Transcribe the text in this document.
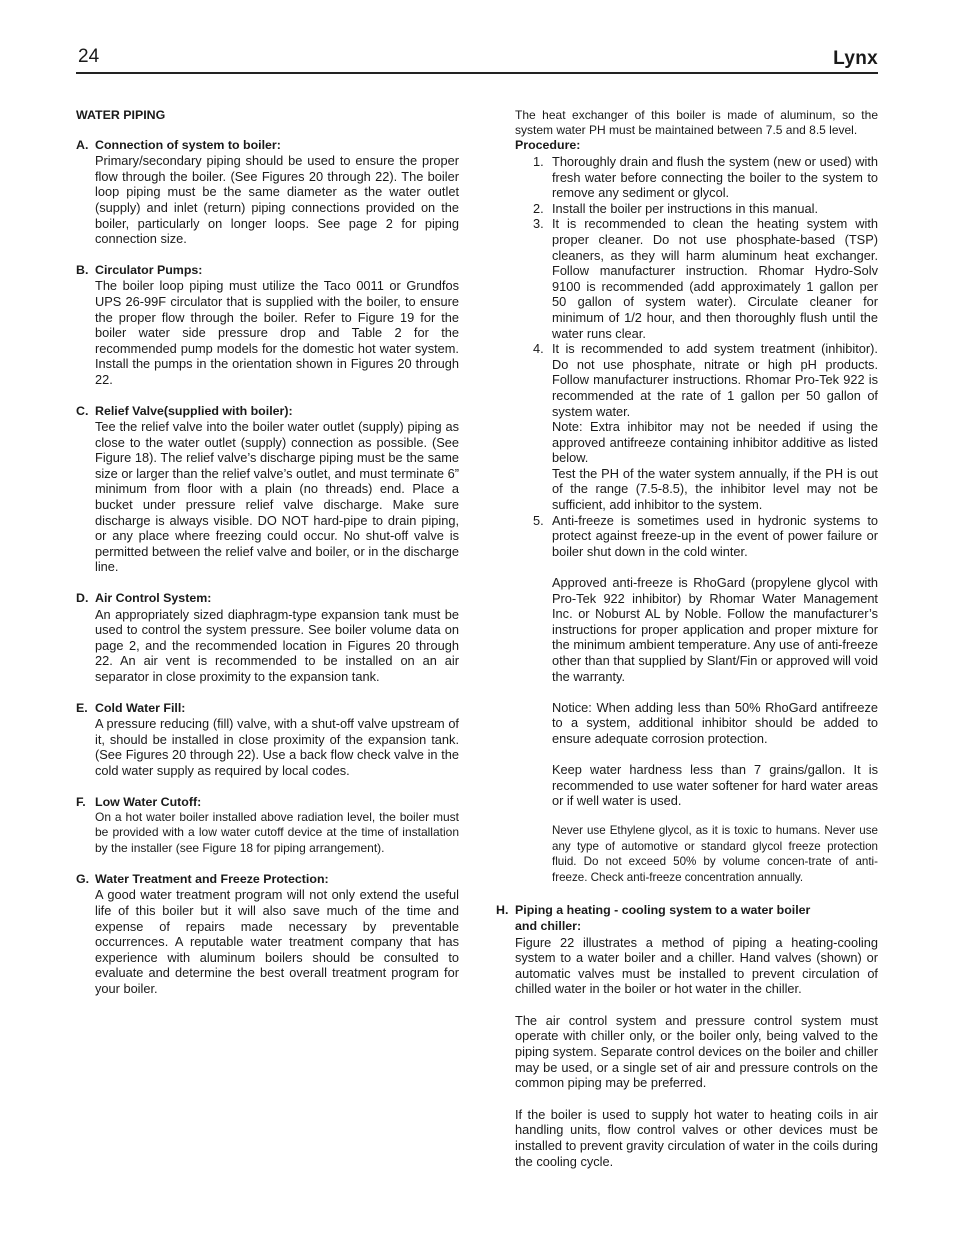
24	Lynx
WATER PIPING
A. Connection of system to boiler:

Primary/secondary piping should be used to ensure the proper flow through the boiler. (See Figures 20 through 22). The boiler loop piping must be the same diameter as the water outlet (supply) and inlet (return) piping connections provided on the boiler, particularly on longer loops. See page 2 for piping connection size.

B. Circulator Pumps:

The boiler loop piping must utilize the Taco 0011 or Grundfos UPS 26-99F circulator that is supplied with the boiler, to ensure the proper flow through the boiler. Refer to Figure 19 for the boiler water side pressure drop and Table 2 for the recommended pump models for the domestic hot water system. Install the pumps in the orientation shown in Figures 20 through 22.

C. Relief Valve(supplied with boiler):

Tee the relief valve into the boiler water outlet (supply) piping as close to the water outlet (supply) connection as possible. (See Figure 18). The relief valve’s discharge piping must be the same size or larger than the relief valve’s outlet, and must terminate 6” minimum from floor with a plain (no threads) end. Place a bucket under pressure relief valve discharge. Make sure discharge is always visible. DO NOT hard-pipe to drain piping, or any place where freezing could occur. No shut-off valve is permitted between the relief valve and boiler, or in the discharge line.

D. Air Control System:

An appropriately sized diaphragm-type expansion tank must be used to control the system pressure. See boiler volume data on page 2, and the recommended location in Figures 20 through 22. An air vent is recommended to be installed on an air separator in close proximity to the expansion tank.

E. Cold Water Fill:

A pressure reducing (fill) valve, with a shut-off valve upstream of it, should be installed in close proximity of the expansion tank. (See Figures 20 through 22). Use a back flow check valve in the cold water supply as required by local codes.

F. Low Water Cutoff:

On a hot water boiler installed above radiation level, the boiler must be provided with a low water cutoff device at the time of installation by the installer (see Figure 18 for piping arrangement).

G. Water Treatment and Freeze Protection:

A good water treatment program will not only extend the useful life of this boiler but it will also save much of the time and expense of repairs made necessary by preventable occurrences. A reputable water treatment company that has experience with aluminum boilers should be consulted to evaluate and determine the best overall treatment program for your boiler.

The heat exchanger of this boiler is made of aluminum, so the system water PH must be maintained between 7.5 and 8.5 level.

Procedure:
1. Thoroughly drain and flush the system (new or used) with fresh water before connecting the boiler to the system to remove any sediment or glycol.

2. Install the boiler per instructions in this manual.

3. It is recommended to clean the heating system with proper cleaner. Do not use phosphate-based (TSP) cleaners, as they will harm aluminum heat exchanger. Follow manufacturer instruction. Rhomar Hydro-Solv 9100 is recommended (add approximately 1 gallon per 50 gallon of system water). Circulate cleaner for minimum of 1/2 hour, and then thoroughly flush until the water runs clear.

4. It is recommended to add system treatment (inhibitor). Do not use phosphate, nitrate or high pH products. Follow manufacturer instructions. Rhomar Pro-Tek 922 is recommended at the rate of 1 gallon per 50 gallon of system water.

Note: Extra inhibitor may not be needed if using the approved antifreeze containing inhibitor additive as listed below.

Test the PH of the water system annually, if the PH is out of the range (7.5-8.5), the inhibitor level may not be sufficient, add inhibitor to the system.

5. Anti-freeze is sometimes used in hydronic systems to protect against freeze-up in the event of power failure or boiler shut down in the cold winter.

Approved anti-freeze is RhoGard (propylene glycol with Pro-Tek 922 inhibitor) by Rhomar Water Management Inc. or Noburst AL by Noble. Follow the manufacturer’s instructions for proper application and proper mixture for the minimum ambient temperature. Any use of anti-freeze other than that supplied by Slant/Fin or approved will void the warranty.

Notice: When adding less than 50% RhoGard antifreeze to a system, additional inhibitor should be added to ensure adequate corrosion protection.

Keep water hardness less than 7 grains/gallon. It is recommended to use water softener for hard water areas or if well water is used.

Never use Ethylene glycol, as it is toxic to humans. Never use any type of automotive or standard glycol freeze protection fluid. Do not exceed 50% by volume concen-trate of anti-freeze. Check anti-freeze concentration annually.

H. Piping a heating - cooling system to a water boiler
and chiller:

Figure 22 illustrates a method of piping a heating-cooling system to a water boiler and a chiller. Hand valves (shown) or automatic valves must be installed to prevent circulation of chilled water in the boiler or hot water in the chiller.

The air control system and pressure control system must operate with chiller only, or the boiler only, being valved to the piping system. Separate control devices on the boiler and chiller may be used, or a single set of air and pressure controls on the common piping may be preferred.

If the boiler is used to supply hot water to heating coils in air handling units, flow control valves or other devices must be installed to prevent gravity circulation of water in the coils during the cooling cycle.
